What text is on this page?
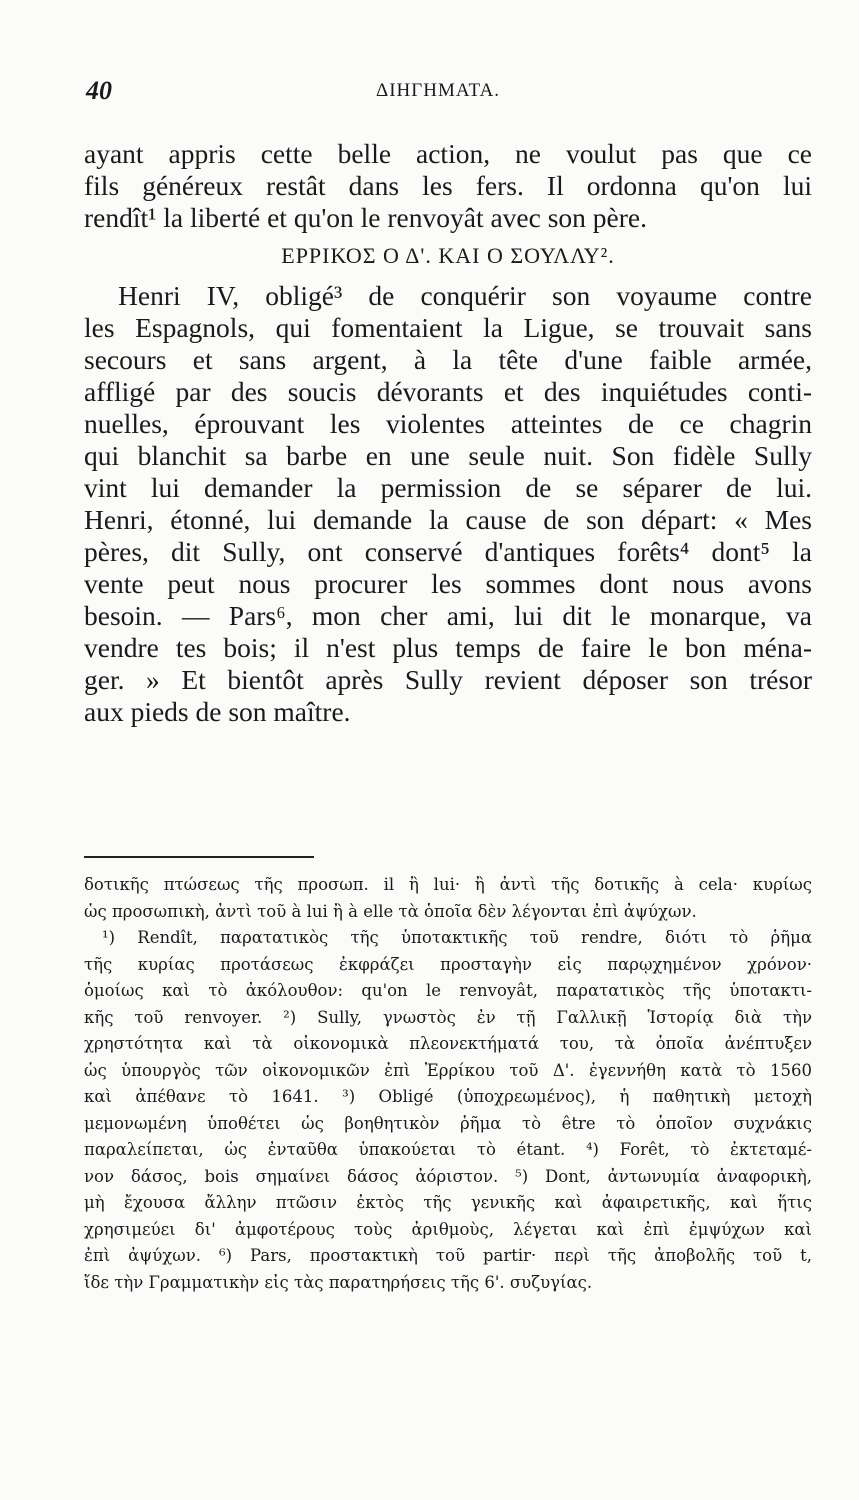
40	ΔΙΗΓΗΜΑΤΑ.
ayant appris cette belle action, ne voulut pas que ce
fils généreux restât dans les fers. Il ordonna qu'on lui
rendît¹ la liberté et qu'on le renvoyât avec son père.
ΕΡΡΙΚΟΣ Ο Δ'. ΚΑΙ Ο ΣΟΥΛΛΥ².
Henri IV, obligé³ de conquérir son voyaume contre
les Espagnols, qui fomentaient la Ligue, se trouvait sans
secours et sans argent, à la tête d'une faible armée,
affligé par des soucis dévorants et des inquiétudes conti-
nuelles, éprouvant les violentes atteintes de ce chagrin
qui blanchit sa barbe en une seule nuit. Son fidèle Sully
vint lui demander la permission de se séparer de lui.
Henri, étonné, lui demande la cause de son départ: « Mes
pères, dit Sully, ont conservé d'antiques forêts⁴ dont⁵ la
vente peut nous procurer les sommes dont nous avons
besoin. — Pars⁶, mon cher ami, lui dit le monarque, va
vendre tes bois; il n'est plus temps de faire le bon ména-
ger. » Et bientôt après Sully revient déposer son trésor
aux pieds de son maître.
δοτικῆς πτώσεως τῆς προσωπ. il ἢ lui· ἢ ἀντὶ τῆς δοτικῆς à cela· κυρίως
ὡς προσωπικὴ, ἀντὶ τοῦ à lui ἢ à elle τὰ ὁποῖα δὲν λέγονται ἐπὶ ἀψύχων.
¹) Rendît, παρατατικὸς τῆς ὑποτακτικῆς τοῦ rendre, διότι τὸ ῥῆμα
τῆς κυρίας προτάσεως ἐκφράζει προσταγὴν εἰς παρῳχημένον χρόνον·
ὁμοίως καὶ τὸ ἀκόλουθον: qu'on le renvoyât, παρατατικὸς τῆς ὑποτακτι-
κῆς τοῦ renvoyer. ²) Sully, γνωστὸς ἐν τῇ Γαλλικῇ Ἱστορίᾳ διὰ τὴν
χρηστότητα καὶ τὰ οἰκονομικὰ πλεονεκτήματά του, τὰ ὁποῖα ἀνέπτυξεν
ὡς ὑπουργὸς τῶν οἰκονομικῶν ἐπὶ Ἐρρίκου τοῦ Δ'. ἐγεννήθη κατὰ τὸ 1560
καὶ ἀπέθανε τὸ 1641. ³) Obligé (ὑποχρεωμένος), ἡ παθητικὴ μετοχὴ
μεμονωμένη ὑποθέτει ὡς βοηθητικὸν ῥῆμα τὸ être τὸ ὁποῖον συχνάκις
παραλείπεται, ὡς ἐνταῦθα ὑπακούεται τὸ étant. ⁴) Forêt, τὸ ἐκτεταμέ-
νον δάσος, bois σημαίνει δάσος ἀόριστον. ⁵) Dont, ἀντωνυμία ἀναφορικὴ,
μὴ ἔχουσα ἄλλην πτῶσιν ἐκτὸς τῆς γενικῆς καὶ ἀφαιρετικῆς, καὶ ἥτις
χρησιμεύει δι' ἀμφοτέρους τοὺς ἀριθμοὺς, λέγεται καὶ ἐπὶ ἐμψύχων καὶ
ἐπὶ ἀψύχων. ⁶) Pars, προστακτικὴ τοῦ partir· περὶ τῆς ἀποβολῆς τοῦ t,
ἴδε τὴν Γραμματικὴν εἰς τὰς παρατηρήσεις τῆς 6'. συζυγίας.
